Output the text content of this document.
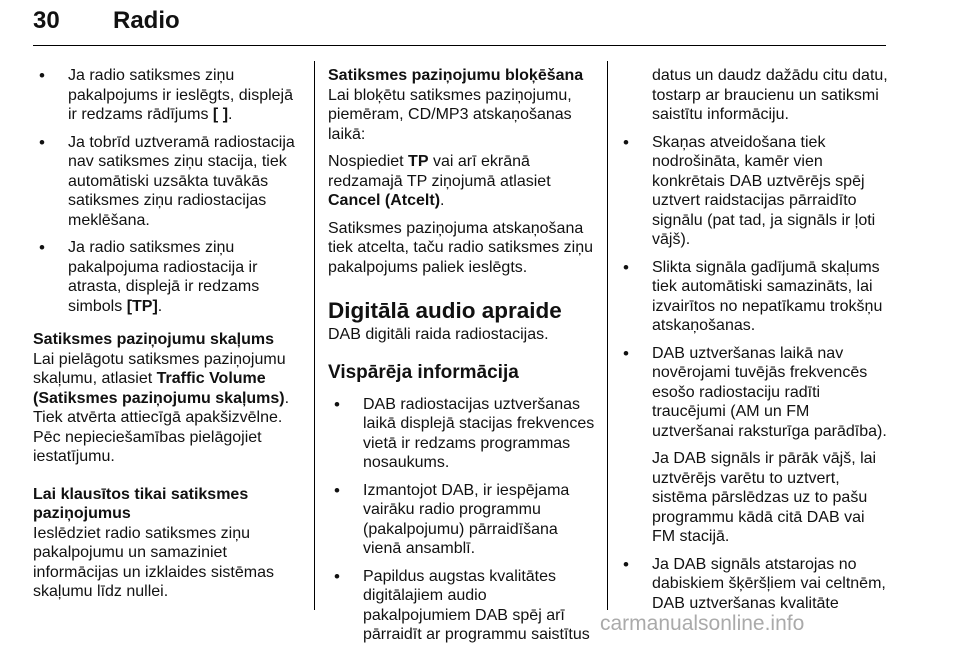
30 Radio
• Ja radio satiksmes ziņu
pakalpojums ir ieslēgts, displejā
ir redzams rādījums [ ].
• Ja tobrīd uztveramā radiostacija
nav satiksmes ziņu stacija, tiek
automātiski uzsākta tuvākās
satiksmes ziņu radiostacijas
meklēšana.
• Ja radio satiksmes ziņu
pakalpojuma radiostacija ir
atrasta, displejā ir redzams
simbols [TP].

Satiksmes paziņojumu skaļums

Lai pielāgotu satiksmes paziņojumu
skaļumu, atlasiet Traffic Volume
(Satiksmes paziņojumu skaļums).
Tiek atvērta attiecīgā apakšizvēlne.
Pēc nepieciešamības pielāgojiet
iestatījumu.

Lai klausītos tikai satiksmes
paziņojumus

Ieslēdziet radio satiksmes ziņu
pakalpojumu un samaziniet
informācijas un izklaides sistēmas
skaļumu līdz nullei.

Satiksmes paziņojumu bloķēšana

Lai bloķētu satiksmes paziņojumu,
piemēram, CD/MP3 atskaņošanas
laikā:

Nospiediet TP vai arī ekrānā
redzamajā TP ziņojumā atlasiet
Cancel (Atcelt).

Satiksmes paziņojuma atskaņošana
tiek atcelta, taču radio satiksmes ziņu
pakalpojums paliek ieslēgts.

Digitālā audio apraide

DAB digitāli raida radiostacijas.

Vispārēja informācija

• DAB radiostacijas uztveršanas
laikā displejā stacijas frekvences
vietā ir redzams programmas
nosaukums.
• Izmantojot DAB, ir iespējama
vairāku radio programmu
(pakalpojumu) pārraidīšana
vienā ansamblī.
• Papildus augstas kvalitātes
digitālajiem audio
pakalpojumiem DAB spēj arī
pārraidīt ar programmu saistītus

datus un daudz dažādu citu datu,
tostarp ar braucienu un satiksmi
saistītu informāciju.

• Skaņas atveidošana tiek
nodrošināta, kamēr vien
konkrētais DAB uztvērējs spēj
uztvert raidstacijas pārraidīto
signālu (pat tad, ja signāls ir ļoti
vājš).
• Slikta signāla gadījumā skaļums
tiek automātiski samazināts, lai
izvairītos no nepatīkamu trokšņu
atskaņošanas.
• DAB uztveršanas laikā nav
novērojami tuvējās frekvencēs
esošo radiostaciju radīti
traucējumi (AM un FM
uztveršanai raksturīga parādība).

Ja DAB signāls ir pārāk vājš, lai
uztvērējs varētu to uztvert,
sistēma pārslēdzas uz to pašu
programmu kādā citā DAB vai
FM stacijā.

• Ja DAB signāls atstarojas no
dabiskiem šķēršļiem vai celtnēm,
DAB uztveršanas kvalitāte
carmanualsonline.info
